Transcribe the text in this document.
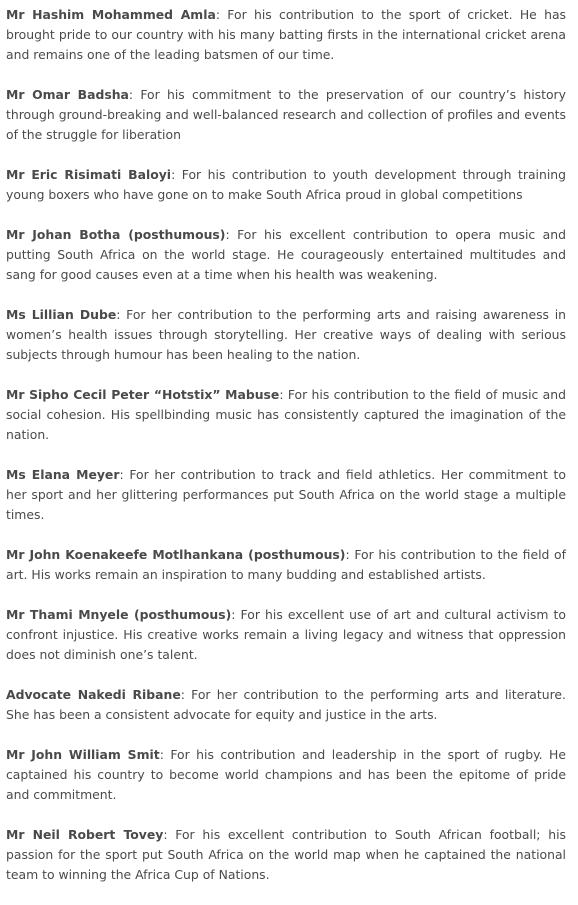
Mr Hashim Mohammed Amla: For his contribution to the sport of cricket. He has brought pride to our country with his many batting firsts in the international cricket arena and remains one of the leading batsmen of our time.

Mr Omar Badsha: For his commitment to the preservation of our country’s history through ground-breaking and well-balanced research and collection of profiles and events of the struggle for liberation

Mr Eric Risimati Baloyi: For his contribution to youth development through training young boxers who have gone on to make South Africa proud in global competitions

Mr Johan Botha (posthumous): For his excellent contribution to opera music and putting South Africa on the world stage. He courageously entertained multitudes and sang for good causes even at a time when his health was weakening.

Ms Lillian Dube: For her contribution to the performing arts and raising awareness in women’s health issues through storytelling. Her creative ways of dealing with serious subjects through humour has been healing to the nation.

Mr Sipho Cecil Peter “Hotstix” Mabuse: For his contribution to the field of music and social cohesion. His spellbinding music has consistently captured the imagination of the nation.

Ms Elana Meyer: For her contribution to track and field athletics. Her commitment to her sport and her glittering performances put South Africa on the world stage a multiple times.

Mr John Koenakeefe Motlhankana (posthumous): For his contribution to the field of art. His works remain an inspiration to many budding and established artists.

Mr Thami Mnyele (posthumous): For his excellent use of art and cultural activism to confront injustice. His creative works remain a living legacy and witness that oppression does not diminish one’s talent.

Advocate Nakedi Ribane: For her contribution to the performing arts and literature. She has been a consistent advocate for equity and justice in the arts.

Mr John William Smit: For his contribution and leadership in the sport of rugby. He captained his country to become world champions and has been the epitome of pride and commitment.

Mr Neil Robert Tovey: For his excellent contribution to South African football; his passion for the sport put South Africa on the world map when he captained the national team to winning the Africa Cup of Nations.
